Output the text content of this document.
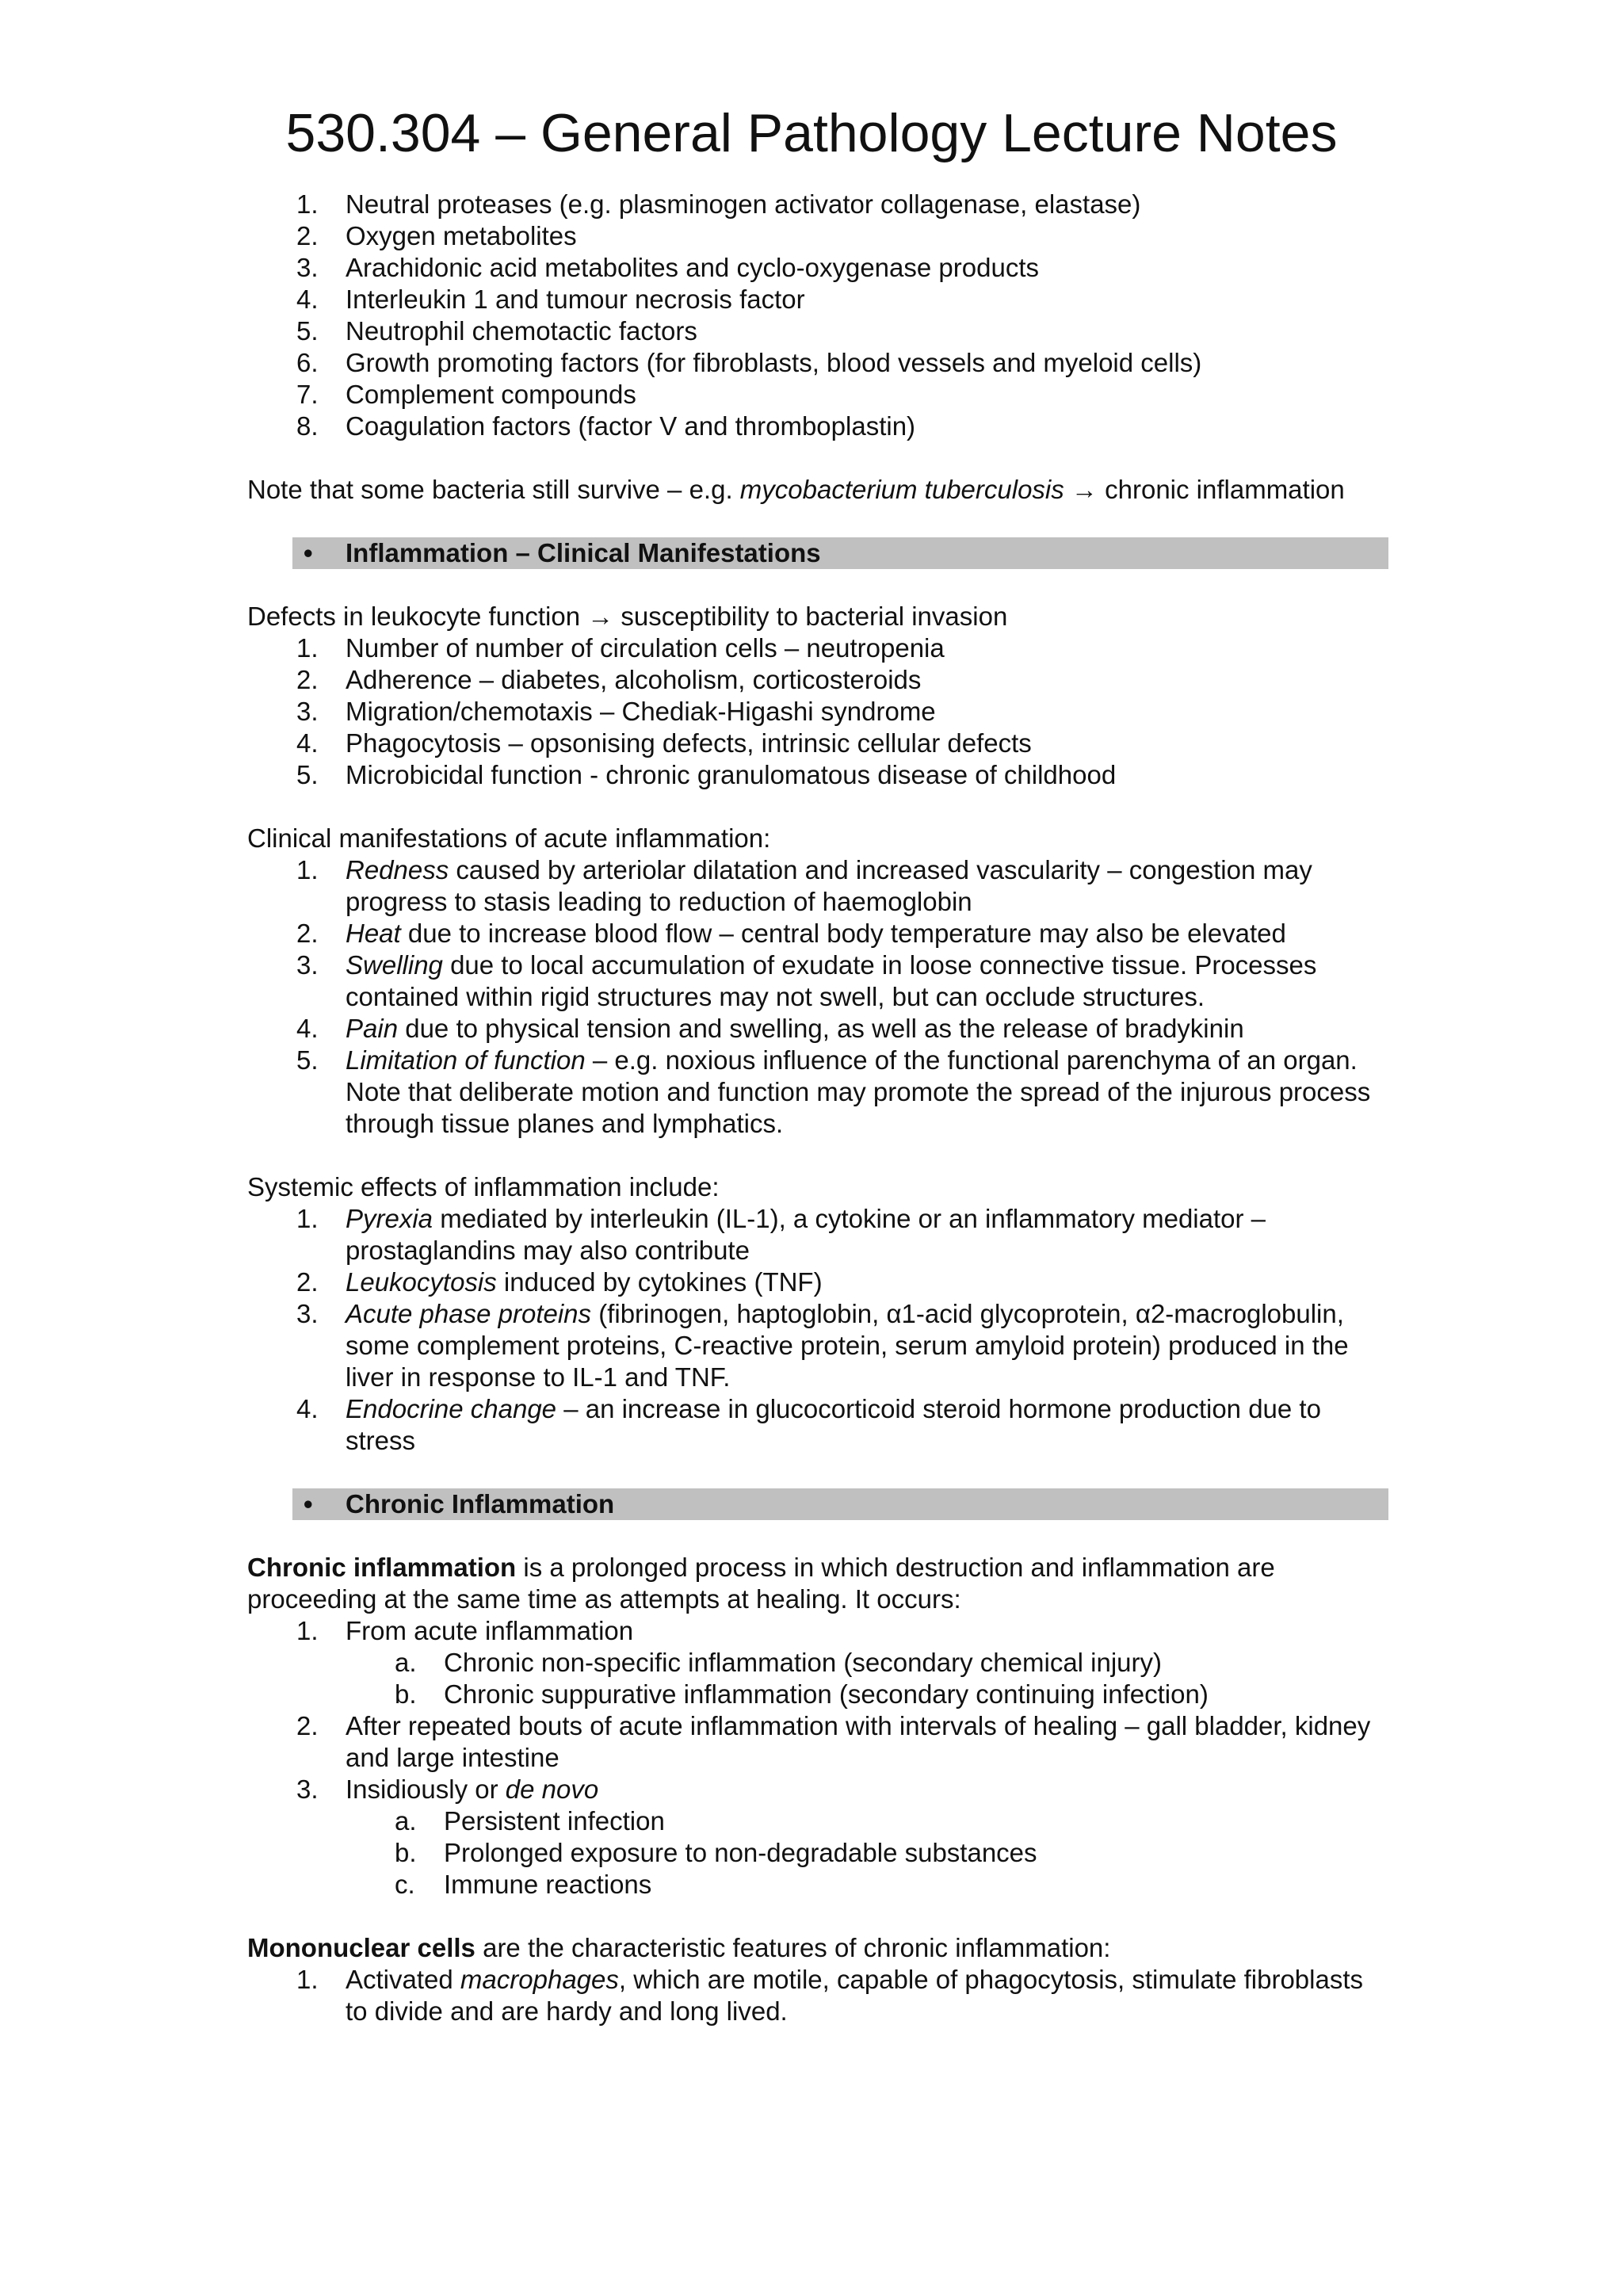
530.304 – General Pathology Lecture Notes
1. Neutral proteases (e.g. plasminogen activator collagenase, elastase)
2. Oxygen metabolites
3. Arachidonic acid metabolites and cyclo-oxygenase products
4. Interleukin 1 and tumour necrosis factor
5. Neutrophil chemotactic factors
6. Growth promoting factors (for fibroblasts, blood vessels and myeloid cells)
7. Complement compounds
8. Coagulation factors (factor V and thromboplastin)

Note that some bacteria still survive – e.g. mycobacterium tuberculosis → chronic inflammation

• Inflammation – Clinical Manifestations

Defects in leukocyte function → susceptibility to bacterial invasion

1. Number of number of circulation cells – neutropenia
2. Adherence – diabetes, alcoholism, corticosteroids
3. Migration/chemotaxis – Chediak-Higashi syndrome
4. Phagocytosis – opsonising defects, intrinsic cellular defects
5. Microbicidal function - chronic granulomatous disease of childhood

Clinical manifestations of acute inflammation:

1. Redness caused by arteriolar dilatation and increased vascularity – congestion may progress to stasis leading to reduction of haemoglobin
2. Heat due to increase blood flow – central body temperature may also be elevated
3. Swelling due to local accumulation of exudate in loose connective tissue. Processes contained within rigid structures may not swell, but can occlude structures.
4. Pain due to physical tension and swelling, as well as the release of bradykinin
5. Limitation of function – e.g. noxious influence of the functional parenchyma of an organ. Note that deliberate motion and function may promote the spread of the injurous process through tissue planes and lymphatics.

Systemic effects of inflammation include:

1. Pyrexia mediated by interleukin (IL-1), a cytokine or an inflammatory mediator – prostaglandins may also contribute
2. Leukocytosis induced by cytokines (TNF)
3. Acute phase proteins (fibrinogen, haptoglobin, α1-acid glycoprotein, α2-macroglobulin, some complement proteins, C-reactive protein, serum amyloid protein) produced in the liver in response to IL-1 and TNF.
4. Endocrine change – an increase in glucocorticoid steroid hormone production due to stress
• Chronic Inflammation

Chronic inflammation is a prolonged process in which destruction and inflammation are proceeding at the same time as attempts at healing. It occurs:

1. From acute inflammation
a. Chronic non-specific inflammation (secondary chemical injury)
b. Chronic suppurative inflammation (secondary continuing infection)
2. After repeated bouts of acute inflammation with intervals of healing – gall bladder, kidney and large intestine
3. Insidiously or de novo
a. Persistent infection
b. Prolonged exposure to non-degradable substances
c. Immune reactions

Mononuclear cells are the characteristic features of chronic inflammation:

1. Activated macrophages, which are motile, capable of phagocytosis, stimulate fibroblasts to divide and are hardy and long lived.
